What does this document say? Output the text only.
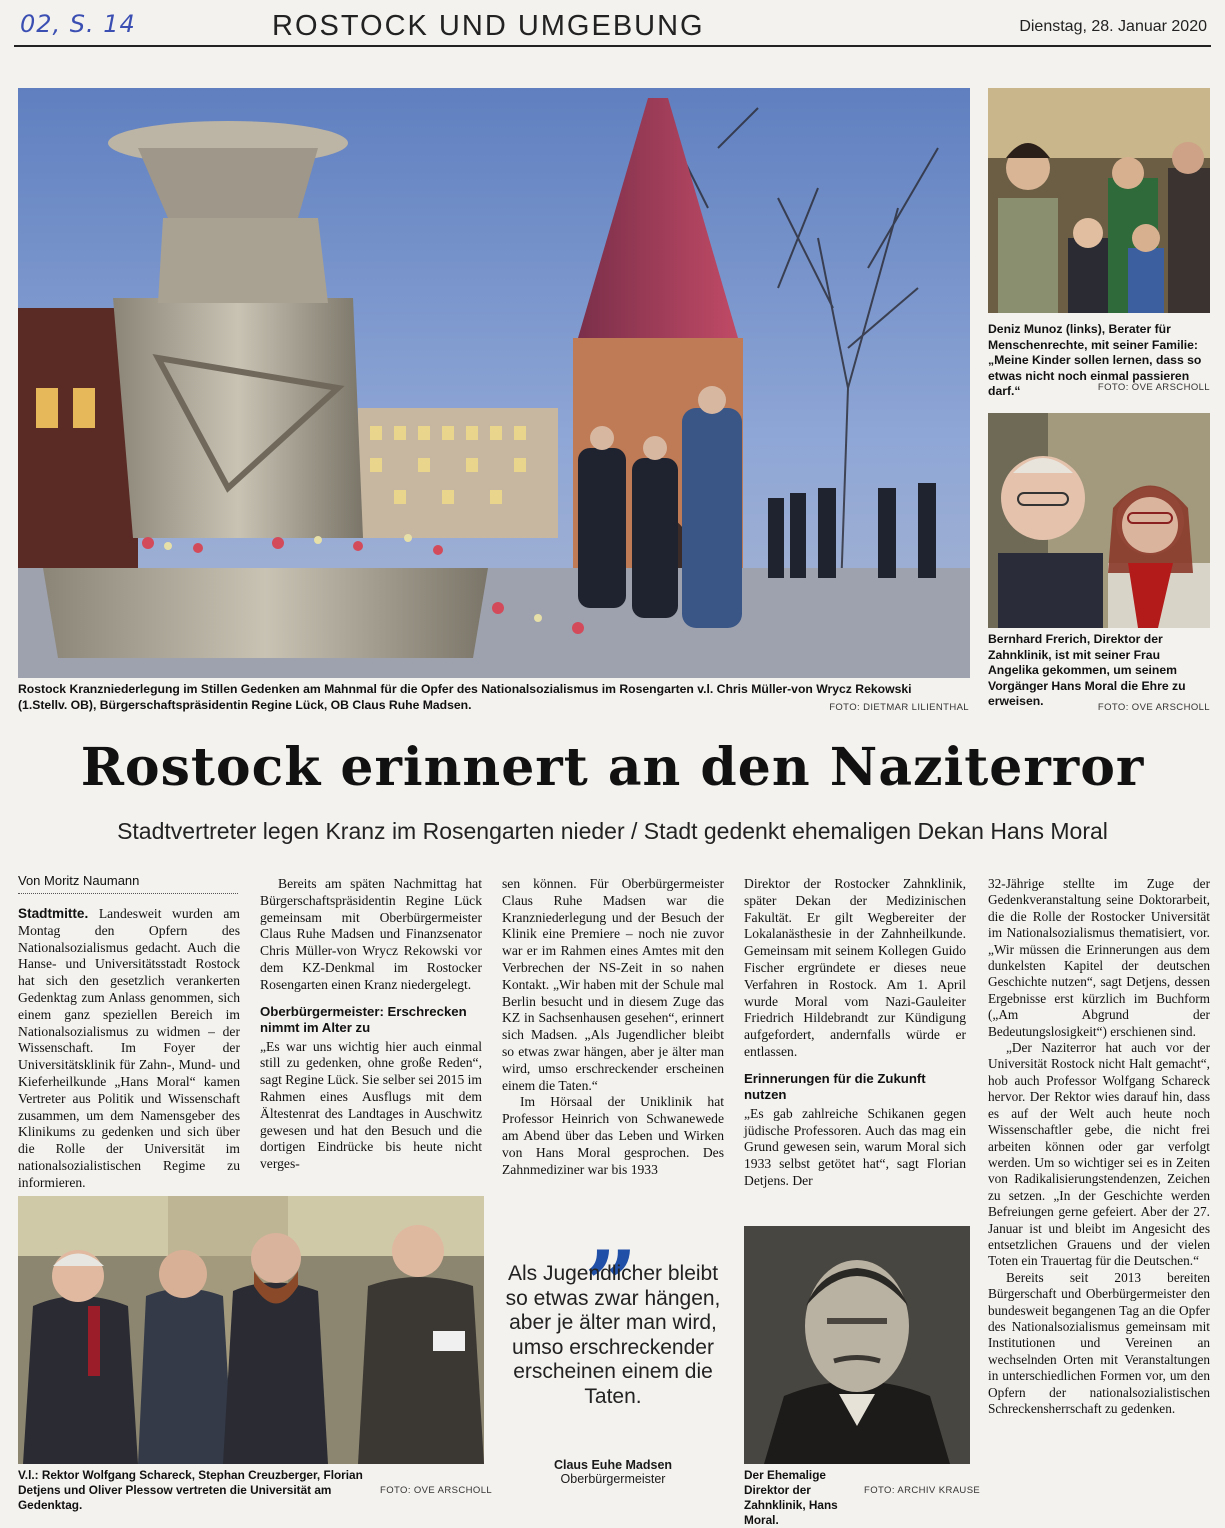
02, S. 14	ROSTOCK UND UMGEBUNG	Dienstag, 28. Januar 2020
Rostock Kranzniederlegung im Stillen Gedenken am Mahnmal für die Opfer des Nationalsozialismus im Rosengarten v.l. Chris Müller-von Wrycz Rekowski
(1.Stellv. OB), Bürgerschaftspräsidentin Regine Lück, OB Claus Ruhe Madsen.	FOTO: DIETMAR LILIENTHAL
Deniz Munoz (links), Berater für Menschenrechte, mit seiner Familie: „Meine Kinder sollen lernen, dass so etwas nicht noch einmal passieren darf.“	FOTO: OVE ARSCHOLL
Bernhard Frerich, Direktor der Zahnklinik, ist mit seiner Frau Angelika gekommen, um seinem Vorgänger Hans Moral die Ehre zu erweisen.	FOTO: OVE ARSCHOLL
Rostock erinnert an den Naziterror
Stadtvertreter legen Kranz im Rosengarten nieder / Stadt gedenkt ehemaligen Dekan Hans Moral
Von Moritz Naumann

Stadtmitte. Landesweit wurden am Montag den Opfern des Nationalsozialismus gedacht. Auch die Hanse- und Universitätsstadt Rostock hat sich den gesetzlich verankerten Gedenktag zum Anlass genommen, sich einem ganz speziellen Bereich im Nationalsozialismus zu widmen – der Wissenschaft. Im Foyer der Universitätsklinik für Zahn-, Mund- und Kieferheilkunde „Hans Moral“ kamen Vertreter aus Politik und Wissenschaft zusammen, um dem Namensgeber des Klinikums zu gedenken und sich über die Rolle der Universität im nationalsozialistischen Regime zu informieren.

Bereits am späten Nachmittag hat Bürgerschaftspräsidentin Regine Lück gemeinsam mit Oberbürgermeister Claus Ruhe Madsen und Finanzsenator Chris Müller-von Wrycz Rekowski vor dem KZ-Denkmal im Rostocker Rosengarten einen Kranz niedergelegt.

Oberbürgermeister: Erschrecken nimmt im Alter zu

„Es war uns wichtig hier auch einmal still zu gedenken, ohne große Reden“, sagt Regine Lück. Sie selber sei 2015 im Rahmen eines Ausflugs mit dem Ältestenrat des Landtages in Auschwitz gewesen und hat den Besuch und die dortigen Eindrücke bis heute nicht verges-

sen können. Für Oberbürgermeister Claus Ruhe Madsen war die Kranzniederlegung und der Besuch der Klinik eine Premiere – noch nie zuvor war er im Rahmen eines Amtes mit den Verbrechen der NS-Zeit in so nahen Kontakt. „Wir haben mit der Schule mal Berlin besucht und in diesem Zuge das KZ in Sachsenhausen gesehen“, erinnert sich Madsen. „Als Jugendlicher bleibt so etwas zwar hängen, aber je älter man wird, umso erschreckender erscheinen einem die Taten.“

Im Hörsaal der Uniklinik hat Professor Heinrich von Schwanewede am Abend über das Leben und Wirken von Hans Moral gesprochen. Des Zahnmediziner war bis 1933

Direktor der Rostocker Zahnklinik, später Dekan der Medizinischen Fakultät. Er gilt Wegbereiter der Lokalanästhesie in der Zahnheilkunde. Gemeinsam mit seinem Kollegen Guido Fischer ergründete er dieses neue Verfahren in Rostock. Am 1. April wurde Moral vom Nazi-Gauleiter Friedrich Hildebrandt zur Kündigung aufgefordert, andernfalls würde er entlassen.

Erinnerungen für die Zukunft nutzen

„Es gab zahlreiche Schikanen gegen jüdische Professoren. Auch das mag ein Grund gewesen sein, warum Moral sich 1933 selbst getötet hat“, sagt Florian Detjens. Der

32-Jährige stellte im Zuge der Gedenkveranstaltung seine Doktorarbeit, die die Rolle der Rostocker Universität im Nationalsozialismus thematisiert, vor. „Wir müssen die Erinnerungen aus dem dunkelsten Kapitel der deutschen Geschichte nutzen“, sagt Detjens, dessen Ergebnisse erst kürzlich im Buchform („Am Abgrund der Bedeutungslosigkeit“) erschienen sind.

„Der Naziterror hat auch vor der Universität Rostock nicht Halt gemacht“, hob auch Professor Wolfgang Schareck hervor. Der Rektor wies darauf hin, dass es auf der Welt auch heute noch Wissenschaftler gebe, die nicht frei arbeiten können oder gar verfolgt werden. Um so wichtiger sei es in Zeiten von Radikalisierungstendenzen, Zeichen zu setzen. „In der Geschichte werden Befreiungen gerne gefeiert. Aber der 27. Januar ist und bleibt im Angesicht des entsetzlichen Grauens und der vielen Toten ein Trauertag für die Deutschen.“

Bereits seit 2013 bereiten Bürgerschaft und Oberbürgermeister den bundesweit begangenen Tag an die Opfer des Nationalsozialismus gemeinsam mit Institutionen und Vereinen an wechselnden Orten mit Veranstaltungen in unterschiedlichen Formen vor, um den Opfern der nationalsozialistischen Schreckensherrschaft zu gedenken.

V.l.: Rektor Wolfgang Schareck, Stephan Creuzberger, Florian Detjens und Oliver Plessow vertreten die Universität am Gedenktag.
FOTO: OVE ARSCHOLL
„
Als Jugendlicher bleibt so etwas zwar hängen, aber je älter man wird, umso erschreckender erscheinen einem die Taten.
Claus Euhe Madsen
Oberbürgermeister	Der Ehemalige Direktor der Zahnklinik, Hans Moral.
FOTO: ARCHIV KRAUSE
